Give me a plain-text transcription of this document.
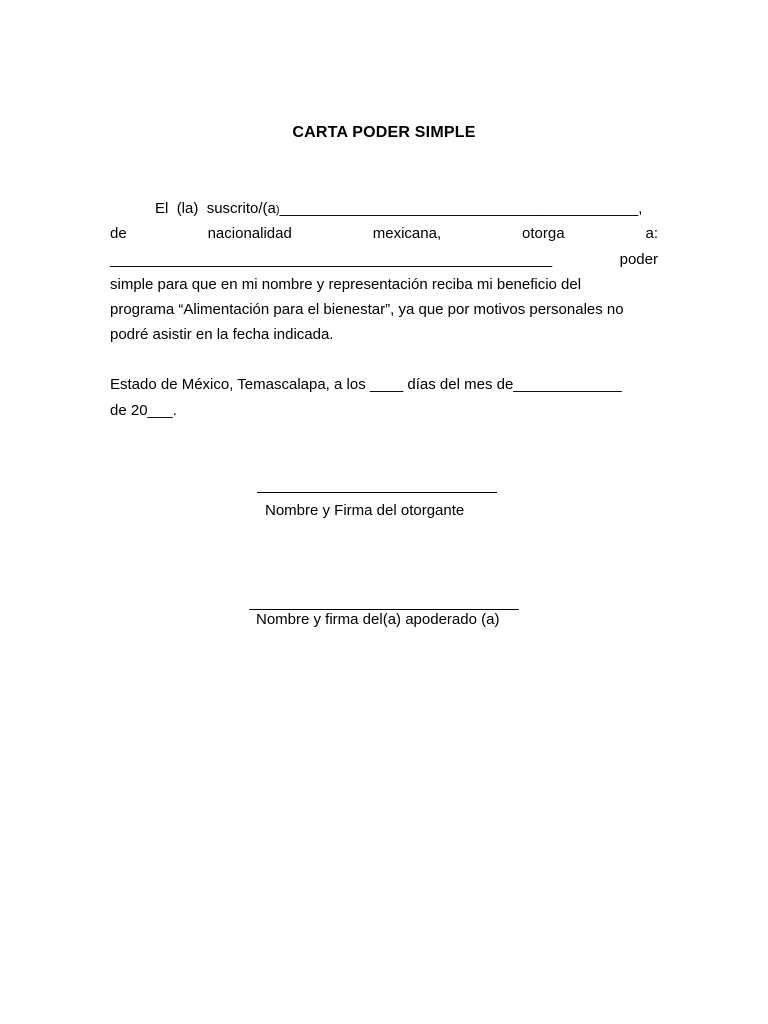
CARTA PODER SIMPLE
El (la) suscrito/(a)___________________________________________,
de	nacionalidad	mexicana,	otorga	a:
_____________________________________________________	poder
simple para que en mi nombre y representación reciba mi beneficio del
programa “Alimentación para el bienestar”, ya que por motivos personales no
podré asistir en la fecha indicada.
Estado de México, Temascalapa, a los ____ días del mes de_____________
de 20___.
Nombre y Firma del otorgante
Nombre y firma del(a) apoderado (a)
